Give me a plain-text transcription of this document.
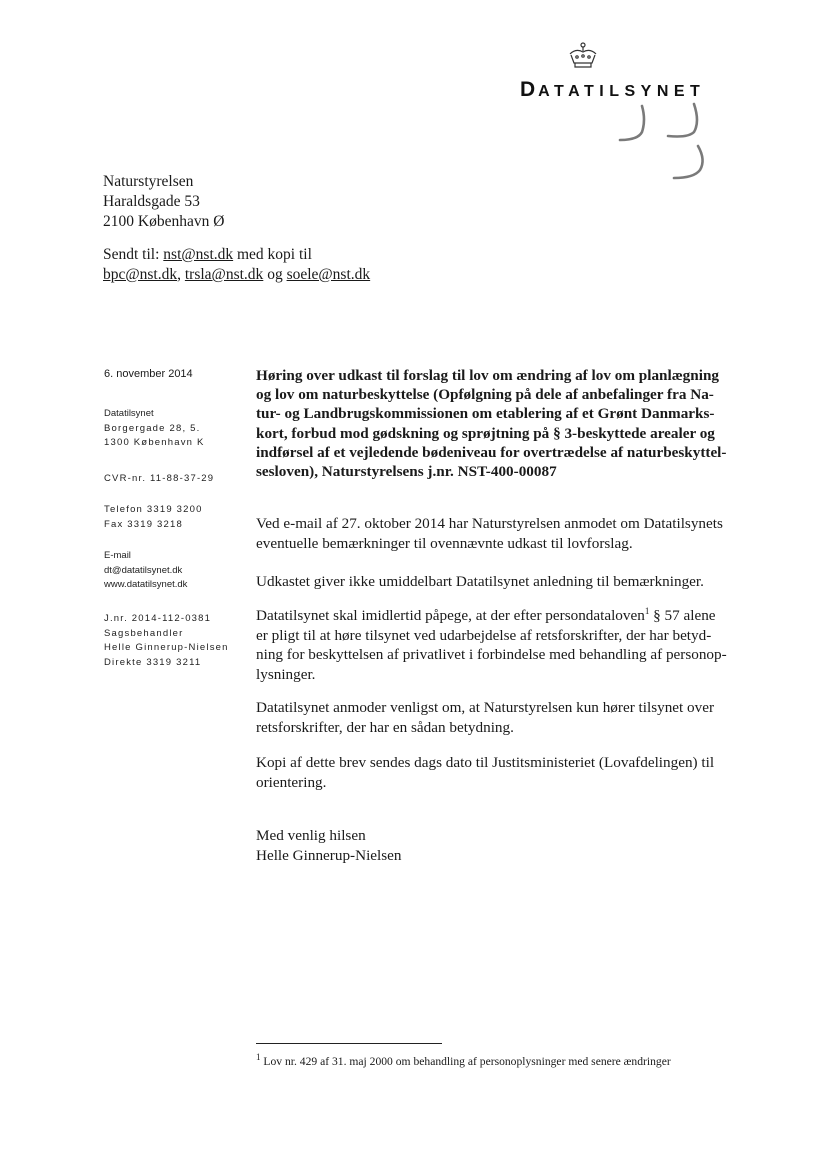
DATATILSYNET
Naturstyrelsen
Haraldsgade 53
2100 København Ø
Sendt til: nst@nst.dk med kopi til
bpc@nst.dk, trsla@nst.dk og soele@nst.dk
6. november 2014
Datatilsynet
Borgergade 28, 5.
1300 København K
CVR-nr. 11-88-37-29
Telefon 3319 3200
Fax 3319 3218
E-mail
dt@datatilsynet.dk
www.datatilsynet.dk
J.nr. 2014-112-0381
Sagsbehandler
Helle Ginnerup-Nielsen
Direkte 3319 3211
Høring over udkast til forslag til lov om ændring af lov om planlægning
og lov om naturbeskyttelse (Opfølgning på dele af anbefalinger fra Na-
tur- og Landbrugskommissionen om etablering af et Grønt Danmarks-
kort, forbud mod gødskning og sprøjtning på § 3-beskyttede arealer og
indførsel af et vejledende bødeniveau for overtrædelse af naturbeskyttel-
sesloven), Naturstyrelsens j.nr. NST-400-00087
Ved e-mail af 27. oktober 2014 har Naturstyrelsen anmodet om Datatilsynets
eventuelle bemærkninger til ovennævnte udkast til lovforslag.
Udkastet giver ikke umiddelbart Datatilsynet anledning til bemærkninger.
Datatilsynet skal imidlertid påpege, at der efter persondataloven$^1$ § 57 alene
er pligt til at høre tilsynet ved udarbejdelse af retsforskrifter, der har betyd-
ning for beskyttelsen af privatlivet i forbindelse med behandling af personop-
lysninger.
Datatilsynet anmoder venligst om, at Naturstyrelsen kun hører tilsynet over
retsforskrifter, der har en sådan betydning.
Kopi af dette brev sendes dags dato til Justitsministeriet (Lovafdelingen) til
orientering.
Med venlig hilsen
Helle Ginnerup-Nielsen
$^1$ Lov nr. 429 af 31. maj 2000 om behandling af personoplysninger med senere ændringer
